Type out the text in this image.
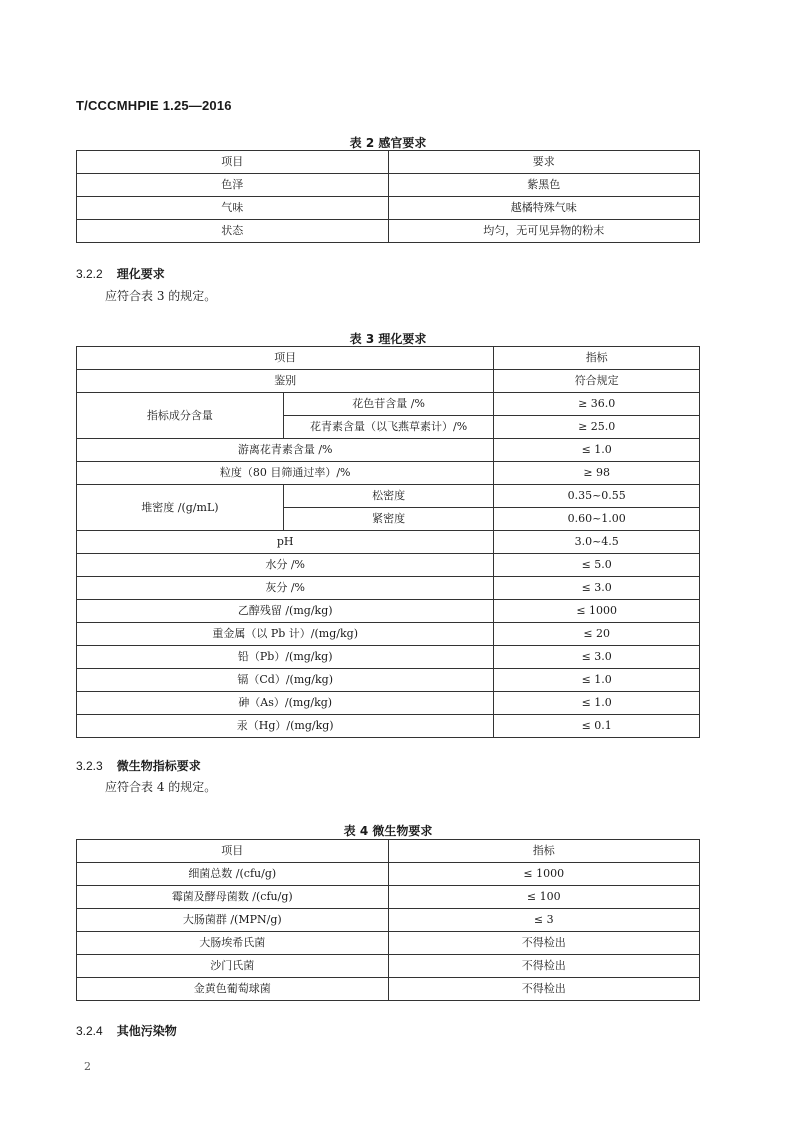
T/CCCMHPIE 1.25—2016
表 2 感官要求
项目	要求
色泽	紫黑色
气味	越橘特殊气味
状态	均匀，无可见异物的粉末
3.2.2 理化要求
应符合表 3 的规定。
表 3 理化要求
项目		指标
鉴别		符合规定
指标成分含量	花色苷含量 /%	≥ 36.0
	花青素含量（以飞燕草素计）/%	≥ 25.0
游离花青素含量 /%		≤ 1.0
粒度（80 目筛通过率）/%		≥ 98
堆密度 /(g/mL)	松密度	0.35~0.55
	紧密度	0.60~1.00
pH		3.0~4.5
水分 /%		≤ 5.0
灰分 /%		≤ 3.0
乙醇残留 /(mg/kg)		≤ 1000
重金属（以 Pb 计）/(mg/kg)		≤ 20
铅（Pb）/(mg/kg)		≤ 3.0
镉（Cd）/(mg/kg)		≤ 1.0
砷（As）/(mg/kg)		≤ 1.0
汞（Hg）/(mg/kg)		≤ 0.1
3.2.3 微生物指标要求
应符合表 4 的规定。
表 4 微生物要求
项目	指标
细菌总数 /(cfu/g)	≤ 1000
霉菌及酵母菌数 /(cfu/g)	≤ 100
大肠菌群 /(MPN/g)	≤ 3
大肠埃希氏菌	不得检出
沙门氏菌	不得检出
金黄色葡萄球菌	不得检出
3.2.4 其他污染物
2
